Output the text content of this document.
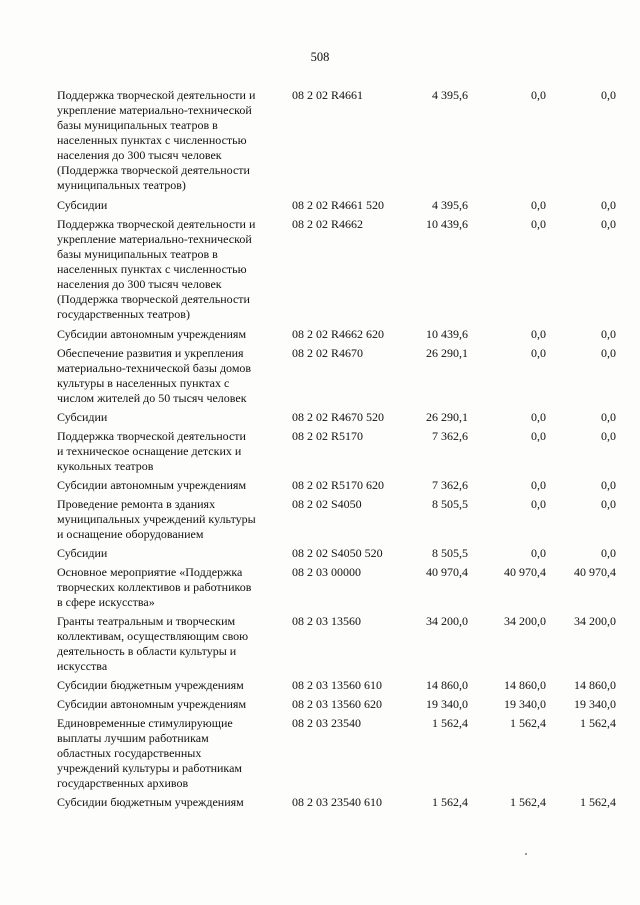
508
Поддержка творческой деятельности и
укрепление материально-технической
базы муниципальных театров в
населенных пунктах с численностью
населения до 300 тысяч человек
(Поддержка творческой деятельности
муниципальных театров)
08 2 02 R4661	4 395,6	0,0	0,0
Субсидии	08 2 02 R4661 520	4 395,6	0,0	0,0
Поддержка творческой деятельности и
укрепление материально-технической
базы муниципальных театров в
населенных пунктах с численностью
населения до 300 тысяч человек
(Поддержка творческой деятельности
государственных театров)
08 2 02 R4662	10 439,6	0,0	0,0
Субсидии автономным учреждениям	08 2 02 R4662 620	10 439,6	0,0	0,0
Обеспечение развития и укрепления
материально-технической базы домов
культуры в населенных пунктах с
числом жителей до 50 тысяч человек
08 2 02 R4670	26 290,1	0,0	0,0
Субсидии	08 2 02 R4670 520	26 290,1	0,0	0,0
Поддержка творческой деятельности
и техническое оснащение детских и
кукольных театров
08 2 02 R5170	7 362,6	0,0	0,0
Субсидии автономным учреждениям	08 2 02 R5170 620	7 362,6	0,0	0,0
Проведение ремонта в зданиях
муниципальных учреждений культуры
и оснащение оборудованием
08 2 02 S4050	8 505,5	0,0	0,0
Субсидии	08 2 02 S4050 520	8 505,5	0,0	0,0
Основное мероприятие «Поддержка
творческих коллективов и работников
в сфере искусства»
08 2 03 00000	40 970,4	40 970,4	40 970,4
Гранты театральным и творческим
коллективам, осуществляющим свою
деятельность в области культуры и
искусства
08 2 03 13560	34 200,0	34 200,0	34 200,0
Субсидии бюджетным учреждениям	08 2 03 13560 610	14 860,0	14 860,0	14 860,0
Субсидии автономным учреждениям	08 2 03 13560 620	19 340,0	19 340,0	19 340,0
Единовременные стимулирующие
выплаты лучшим работникам
областных государственных
учреждений культуры и работникам
государственных архивов
08 2 03 23540	1 562,4	1 562,4	1 562,4
Субсидии бюджетным учреждениям	08 2 03 23540 610	1 562,4	1 562,4	1 562,4
